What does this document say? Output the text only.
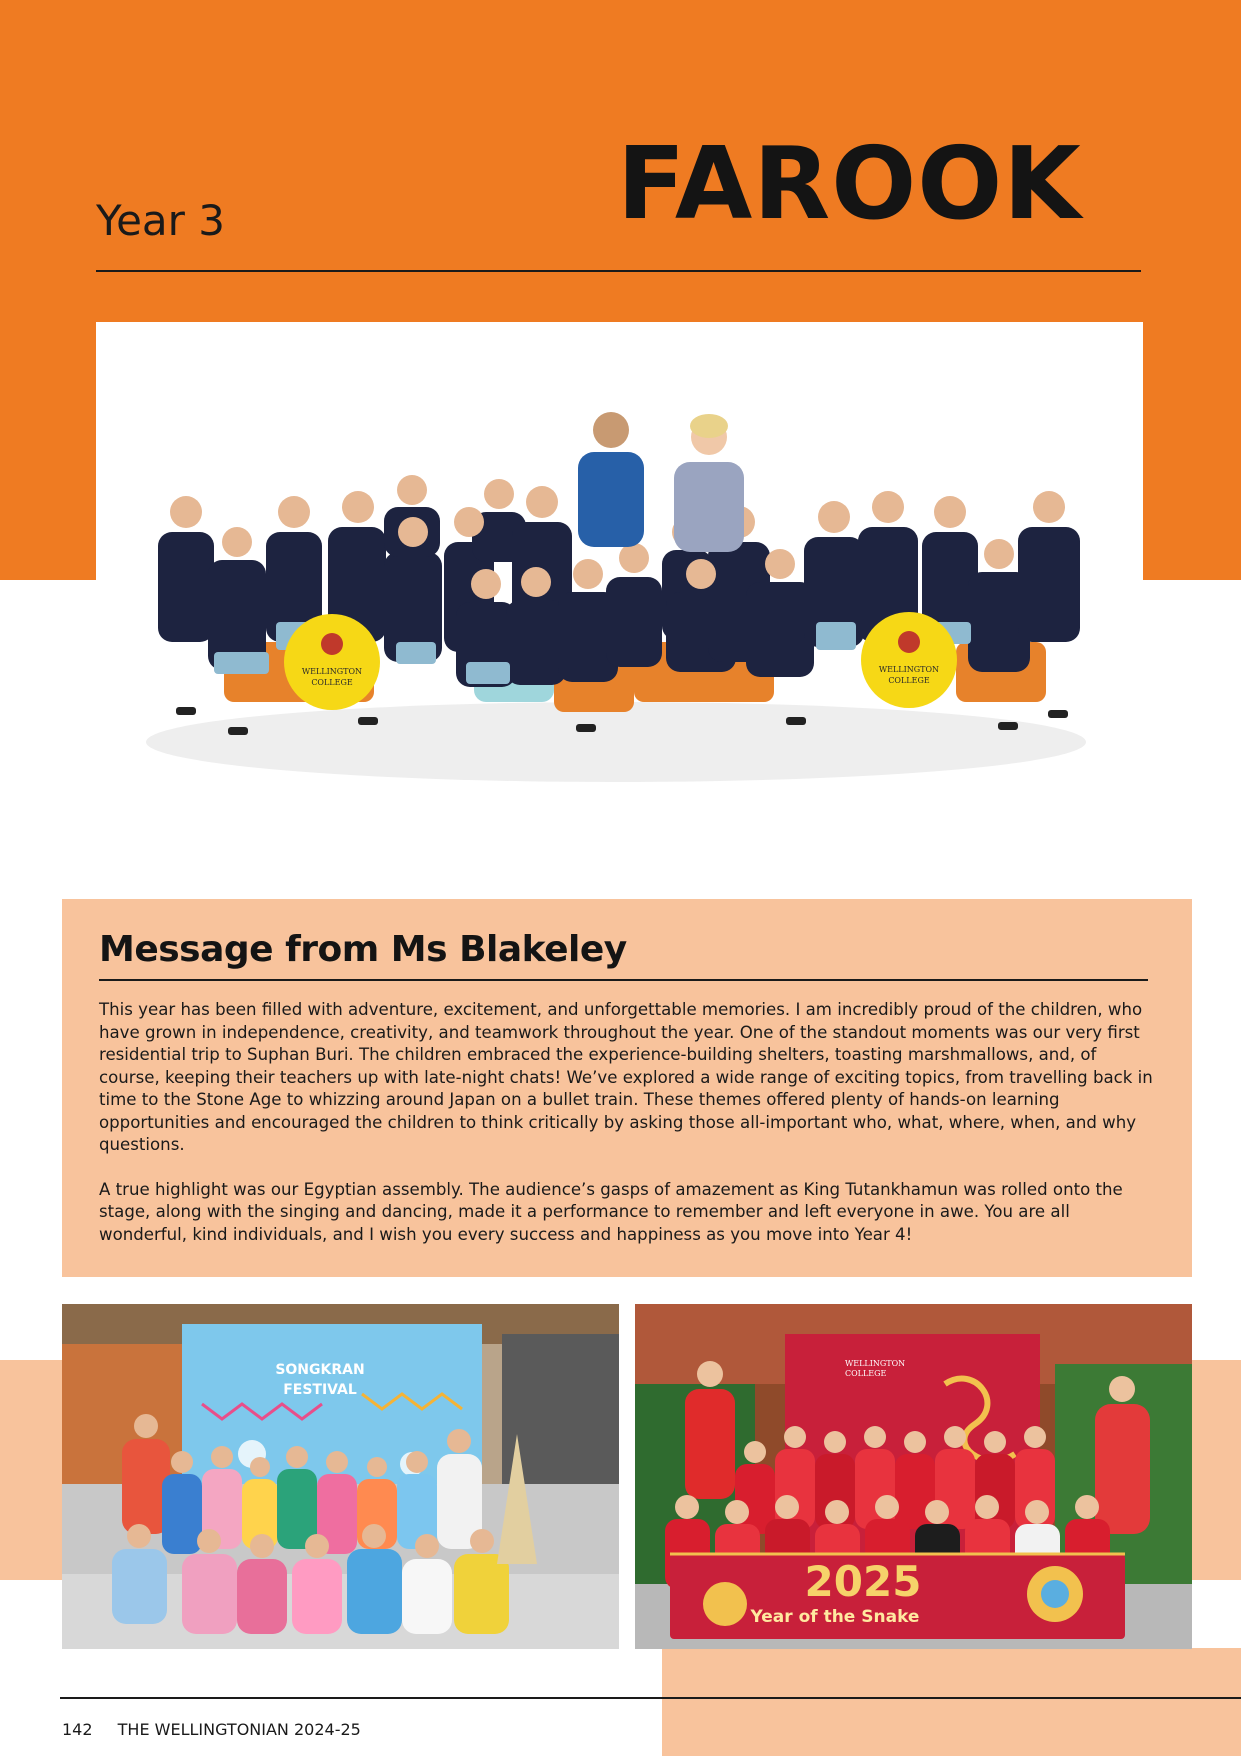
Year 3	FAROOK
WELLINGTON
COLLEGE
WELLINGTON
COLLEGE
Message from Ms Blakeley

This year has been filled with adventure, excitement, and unforgettable memories. I am incredibly proud of the children, who have grown in independence, creativity, and teamwork throughout the year. One of the standout moments was our very first residential trip to Suphan Buri. The children embraced the experience-building shelters, toasting marshmallows, and, of course, keeping their teachers up with late-night chats! We’ve explored a wide range of exciting topics, from travelling back in time to the Stone Age to whizzing around Japan on a bullet train. These themes offered plenty of hands-on learning opportunities and encouraged the children to think critically by asking those all-important who, what, where, when, and why questions.

A true highlight was our Egyptian assembly. The audience’s gasps of amazement as King Tutankhamun was rolled onto the stage, along with the singing and dancing, made it a performance to remember and left everyone in awe. You are all wonderful, kind individuals, and I wish you every success and happiness as you move into Year 4!

SONGKRAN
FESTIVAL
WELLINGTON
COLLEGE
2025
Year of the Snake
142 THE WELLINGTONIAN 2024-25
